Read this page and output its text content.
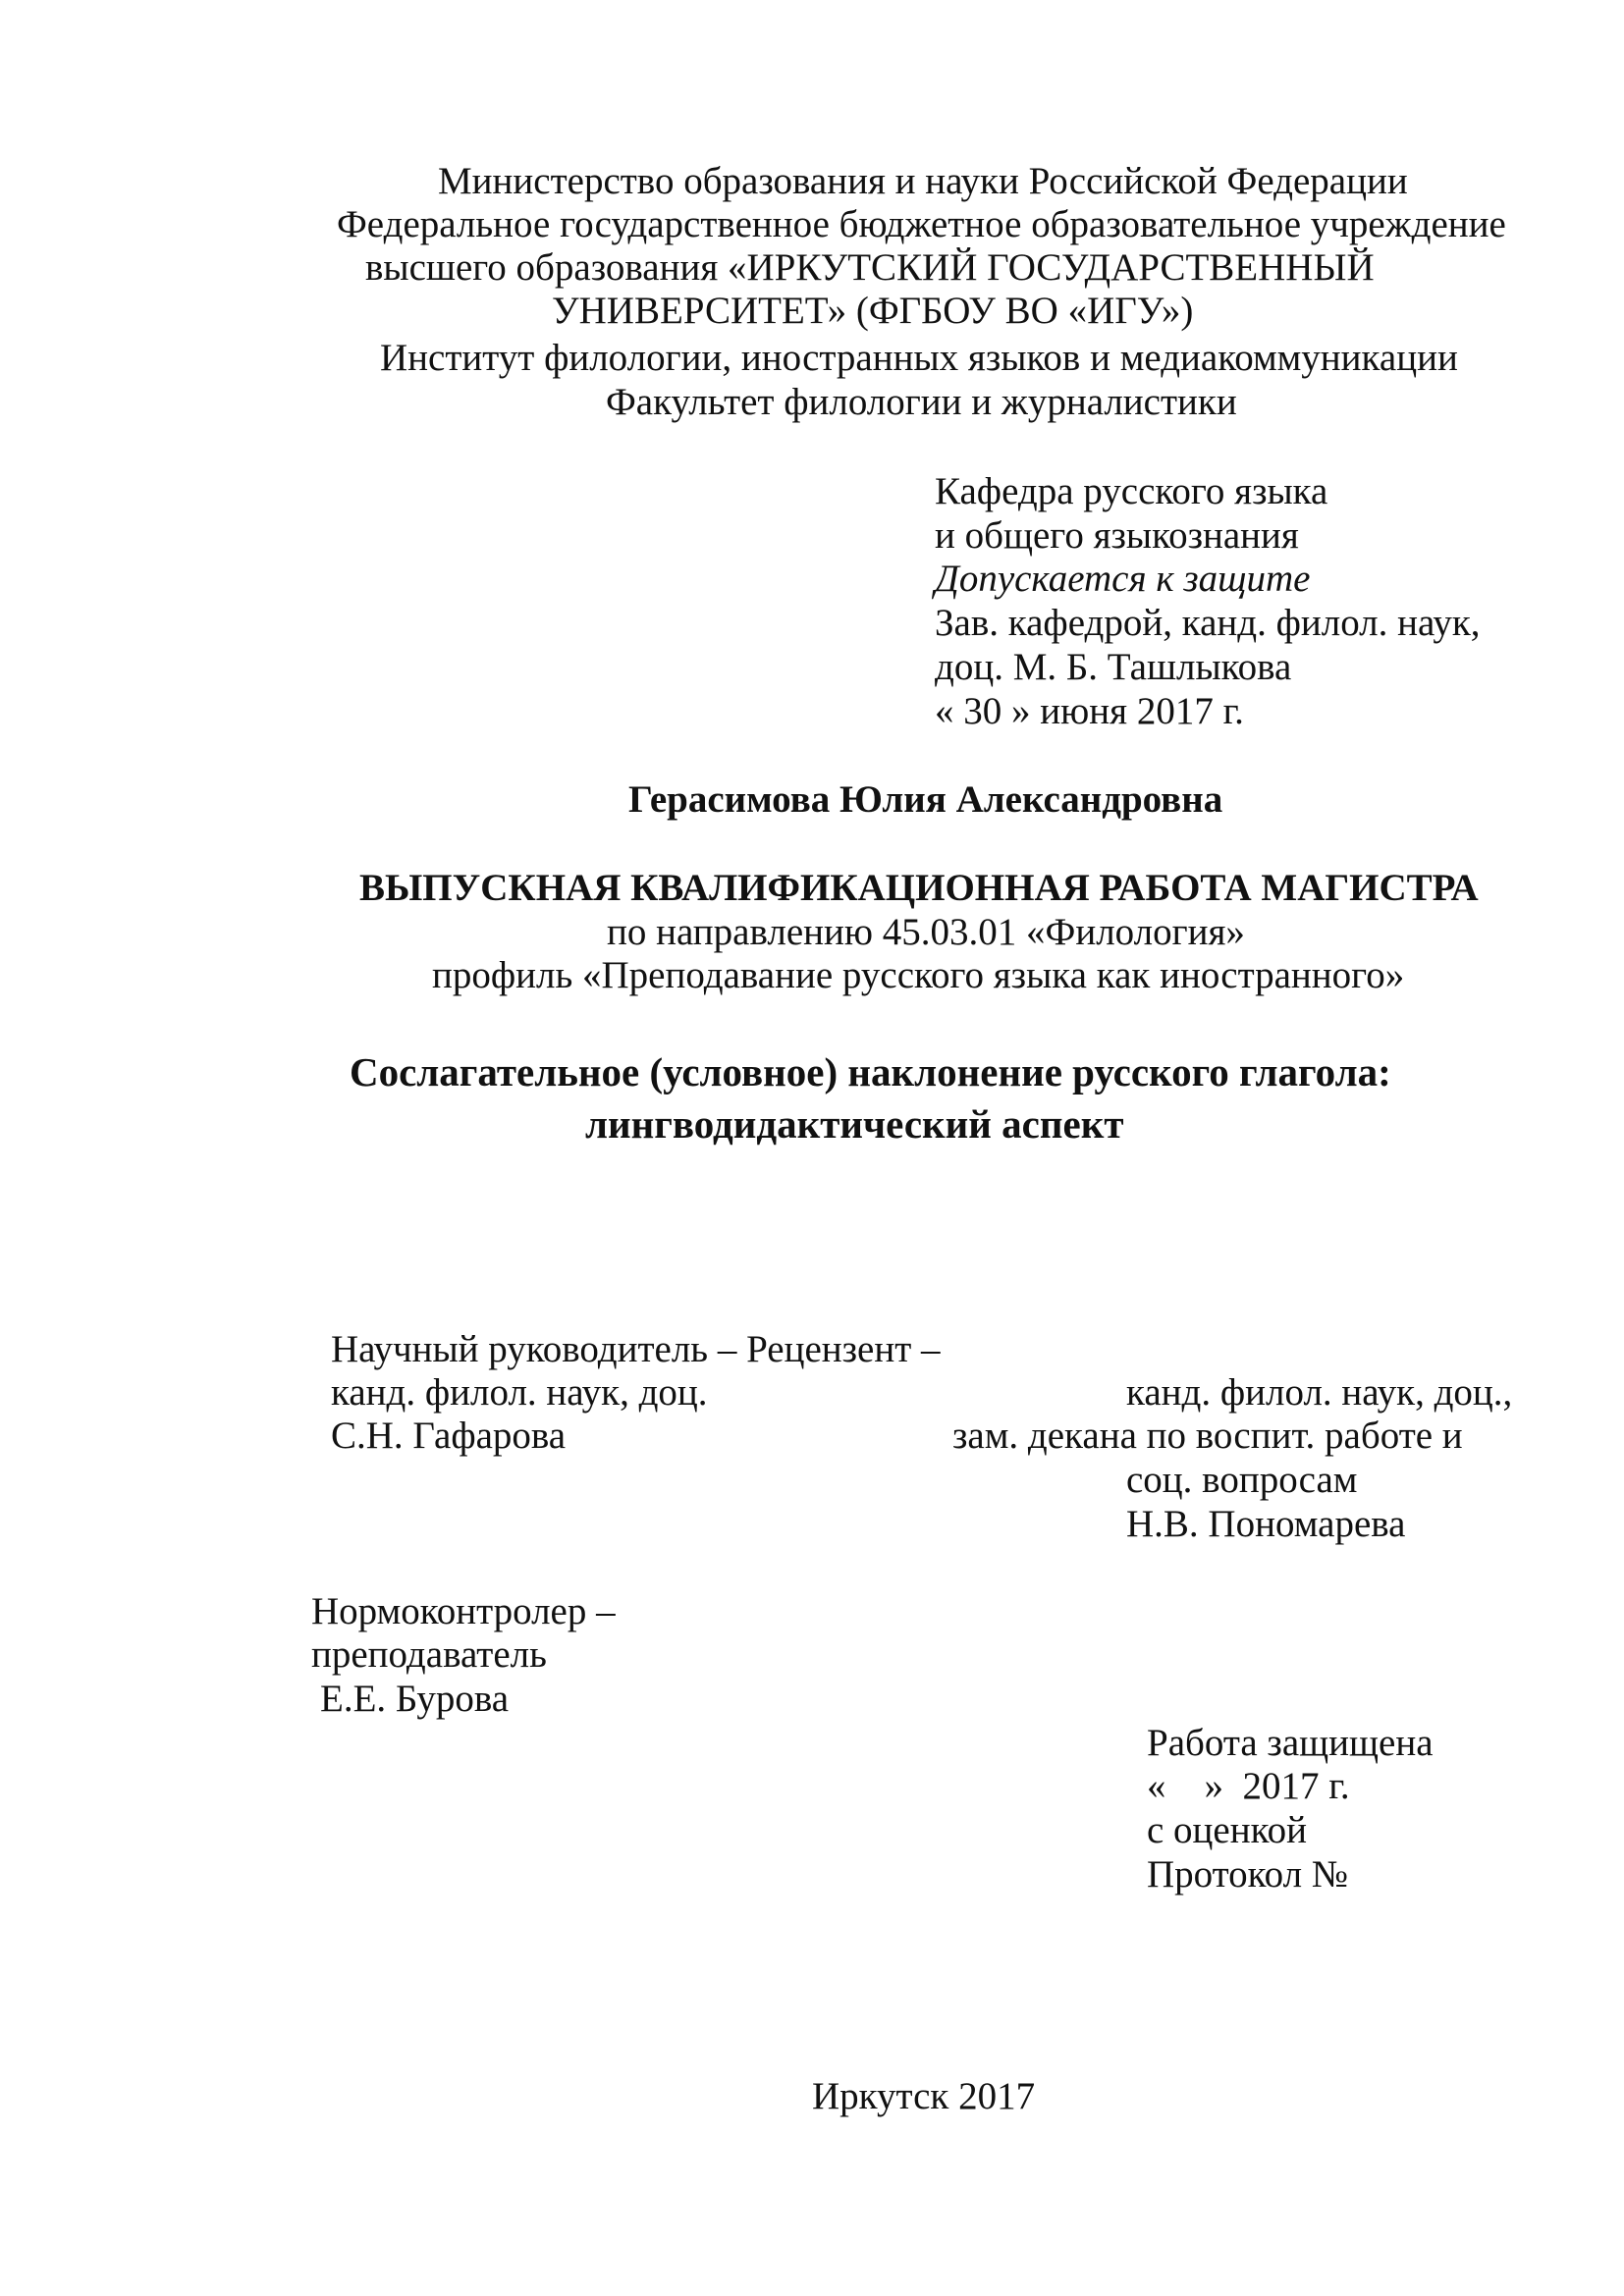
Министерство образования и науки Российской Федерации
Федеральное государственное бюджетное образовательное учреждение
высшего образования «ИРКУТСКИЙ ГОСУДАРСТВЕННЫЙ
УНИВЕРСИТЕТ» (ФГБОУ ВО «ИГУ»)
Институт филологии, иностранных языков и медиакоммуникации
Факультет филологии и журналистики
Кафедра русского языка
и общего языкознания
Допускается к защите
Зав. кафедрой, канд. филол. наук,
доц. М. Б. Ташлыкова
« 30 » июня 2017 г.
Герасимова Юлия Александровна
ВЫПУСКНАЯ КВАЛИФИКАЦИОННАЯ РАБОТА МАГИСТРА
по направлению 45.03.01 «Филология»
профиль «Преподавание русского языка как иностранного»
Сослагательное (условное) наклонение русского глагола:
лингводидактический аспект
Научный руководитель – Рецензент –
канд. филол. наук, доц.
С.Н. Гафарова
канд. филол. наук, доц.,
зам. декана по воспит. работе и
соц. вопросам
Н.В. Пономарева
Нормоконтролер –
преподаватель
Е.Е. Бурова
Работа защищена
«    »  2017 г.
с оценкой
Протокол №
Иркутск 2017
